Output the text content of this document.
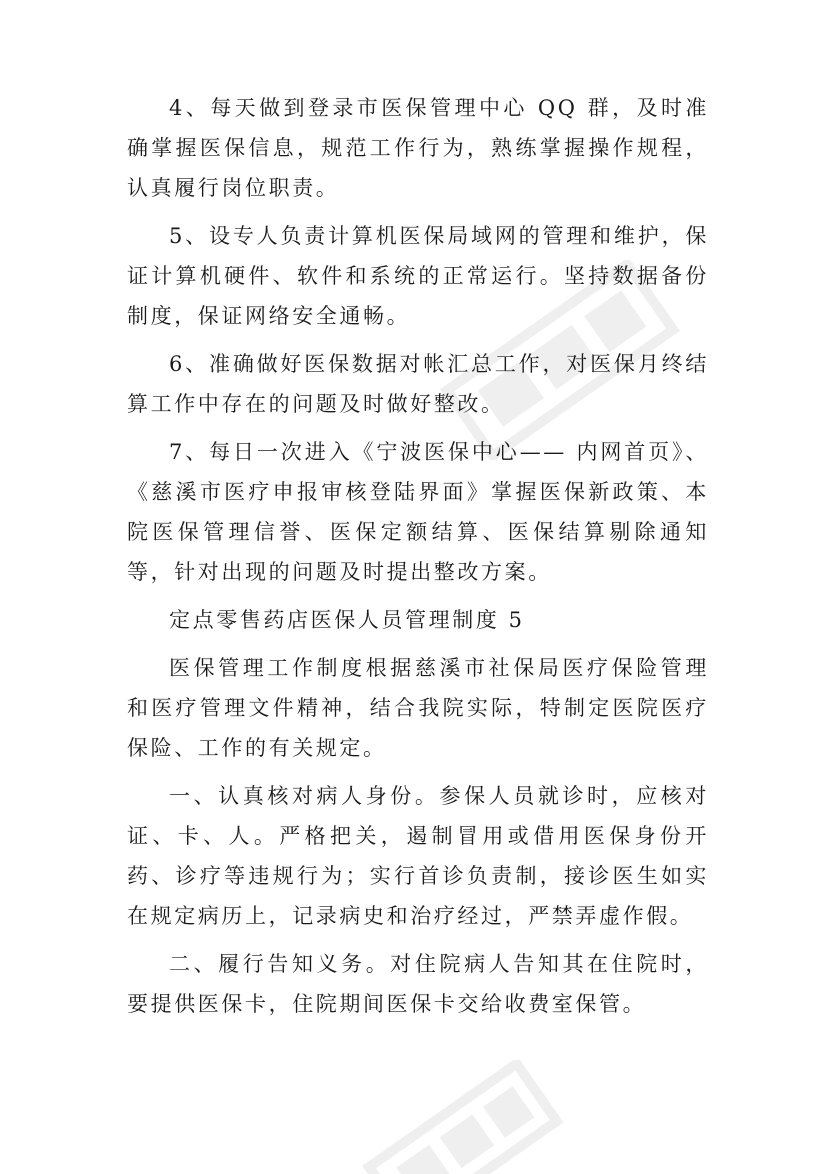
4、每天做到登录市医保管理中心 QQ 群，及时准确掌握医保信息，规范工作行为，熟练掌握操作规程，认真履行岗位职责。

5、设专人负责计算机医保局域网的管理和维护，保证计算机硬件、软件和系统的正常运行。坚持数据备份制度，保证网络安全通畅。

6、准确做好医保数据对帐汇总工作，对医保月终结算工作中存在的问题及时做好整改。

7、每日一次进入《宁波医保中心—— 内网首页》、 《慈溪市医疗申报审核登陆界面》掌握医保新政策、本院医保管理信誉、医保定额结算、医保结算剔除通知等，针对出现的问题及时提出整改方案。

定点零售药店医保人员管理制度 5

医保管理工作制度根据慈溪市社保局医疗保险管理和医疗管理文件精神，结合我院实际，特制定医院医疗保险、工作的有关规定。

一、认真核对病人身份。参保人员就诊时，应核对证、卡、人。严格把关，遏制冒用或借用医保身份开药、诊疗等违规行为；实行首诊负责制，接诊医生如实在规定病历上，记录病史和治疗经过，严禁弄虚作假。

二、履行告知义务。对住院病人告知其在住院时，要提供医保卡，住院期间医保卡交给收费室保管。
